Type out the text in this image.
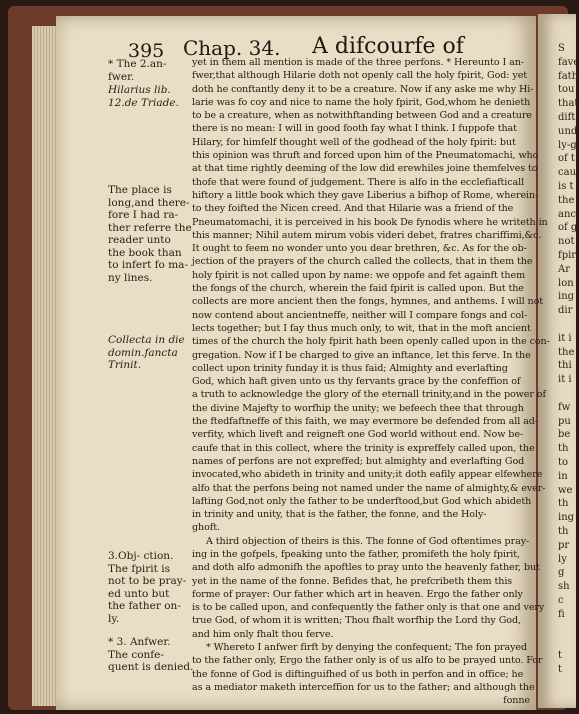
S
fave
fath
tou
that
dift
und
ly-g
of t
cau
is t
the
anc
of g
not
fpir
Ar
lon
ing
dir
it i
the
thi
it i
fw
pu
be
th
to
in
we
th
ing
th
pr
ly
g
sh
c
fi
t
t
395 Chap. 34. A difcourfe of
* The 2.an-
fwer.
Hilarius lib.
12.de Triade.
The place is
long,and there-
fore I had ra-
ther referre the
reader unto
the book than
to infert fo ma-
ny lines.
Collecta in die
domin.fancta
Trinit.
3.Obj- ction.
The fpirit is
not to be pray-
ed unto but
the father on-
ly.
* 3. Anfwer.
The confe-
quent is denied.
yet in them all mention is made of the three perfons. * Hereunto I an-
fwer,that although Hilarie doth not openly call the holy fpirit, God: yet
doth he conftantly deny it to be a creature. Now if any aske me why Hi-
larie was fo coy and nice to name the holy fpirit, God,whom he denieth
to be a creature, when as notwithftanding between God and a creature
there is no mean: I will in good footh fay what I think. I fuppofe that
Hilary, for himfelf thought well of the godhead of the holy fpirit: but
this opinion was thruft and forced upon him of the Pneumatomachi, who
at that time rightly deeming of the low did erewhiles joine themfelves to
thofe that were found of judgement. There is alfo in the ecclefiafticall
hiftory a little book which they gave Liberius a bifhop of Rome, wherein-
to they foifted the Nicen creed. And that Hilarie was a friend of the
Pneumatomachi, it is perceived in his book De fynodis where he writeth in
this manner; Nihil autem mirum vobis videri debet, fratres chariffimi,&c.
It ought to feem no wonder unto you dear brethren, &c. As for the ob-
jection of the prayers of the church called the collects, that in them the
holy fpirit is not called upon by name: we oppofe and fet againft them
the fongs of the church, wherein the faid fpirit is called upon. But the
collects are more ancient then the fongs, hymnes, and anthems. I will not
now contend about ancientneffe, neither will I compare fongs and col-
lects together; but I fay thus much only, to wit, that in the moft ancient
times of the church the holy fpirit hath been openly called upon in the con-
gregation. Now if I be charged to give an inftance, let this ferve. In the
collect upon trinity funday it is thus faid; Almighty and everlafting
God, which haft given unto us thy fervants grace by the confeffion of
a truth to acknowledge the glory of the eternall trinity,and in the power of
the divine Majefty to worfhip the unity; we befeech thee that through
the ftedfaftneffe of this faith, we may evermore be defended from all ad-
verfity, which liveft and reigneft one God world without end. Now be-
caufe that in this collect, where the trinity is expreffely called upon, the
names of perfons are not expreffed; but almighty and everlafting God
invocated,who abideth in trinity and unity;it doth eafily appear elfewhere
alfo that the perfons being not named under the name of almighty,& ever-
lafting God,not only the father to be underftood,but God which abideth
in trinity and unity, that is the father, the fonne, and the Holy-
ghoft.
A third objection of theirs is this. The fonne of God oftentimes pray-
ing in the gofpels, fpeaking unto the father, promifeth the holy fpirit,
and doth alfo admonifh the apoftles to pray unto the heavenly father, but
yet in the name of the fonne. Befides that, he prefcribeth them this
forme of prayer: Our father which art in heaven. Ergo the father only
is to be called upon, and confequently the father only is that one and very
true God, of whom it is written; Thou fhalt worfhip the Lord thy God,
and him only fhalt thou ferve.
* Whereto I anfwer firft by denying the confequent; The fon prayed
to the father only, Ergo the father only is of us alfo to be prayed unto. For
the fonne of God is diftinguifhed of us both in perfon and in office; he
as a mediator maketh interceffion for us to the father; and although the
fonne
